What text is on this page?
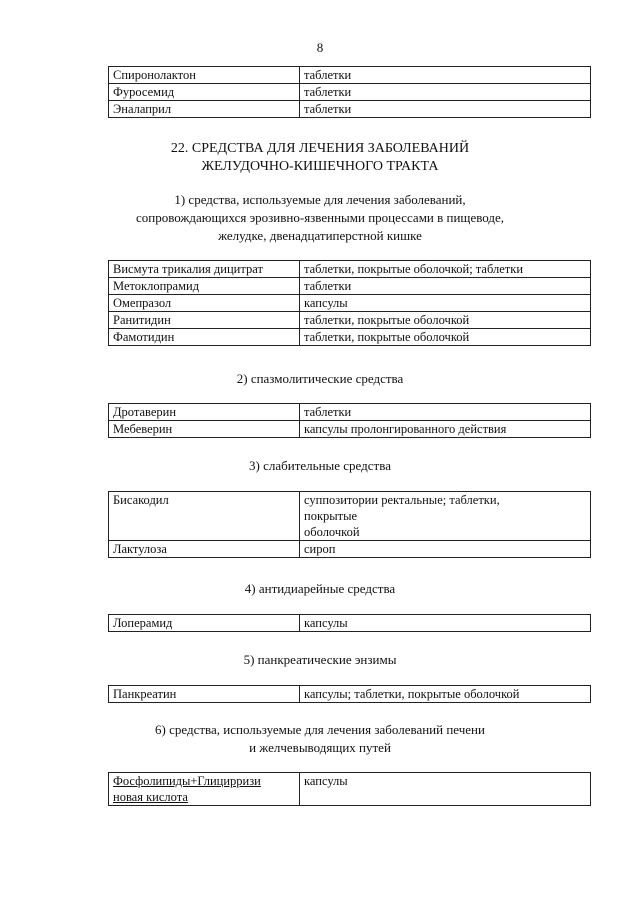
8
Спиронолактон	таблетки
Фуросемид	таблетки
Эналаприл	таблетки
22. СРЕДСТВА ДЛЯ ЛЕЧЕНИЯ ЗАБОЛЕВАНИЙ
ЖЕЛУДОЧНО-КИШЕЧНОГО ТРАКТА
1) средства, используемые для лечения заболеваний,
сопровождающихся эрозивно-язвенными процессами в пищеводе,
желудке, двенадцатиперстной кишке
Висмута трикалия дицитрат	таблетки, покрытые оболочкой; таблетки
Метоклопрамид	таблетки
Омепразол	капсулы
Ранитидин	таблетки, покрытые оболочкой
Фамотидин	таблетки, покрытые оболочкой
2) спазмолитические средства
Дротаверин	таблетки
Мебеверин	капсулы пролонгированного действия
3) слабительные средства
Бисакодил	суппозитории ректальные; таблетки,
покрытые
оболочкой

Лактулоза	сироп
4) антидиарейные средства
Лоперамид	капсулы
5) панкреатические энзимы
Панкреатин	капсулы; таблетки, покрытые оболочкой
6) средства, используемые для лечения заболеваний печени
и желчевыводящих путей
Фосфолипиды+Глицирризи
новая кислота
	капсулы
